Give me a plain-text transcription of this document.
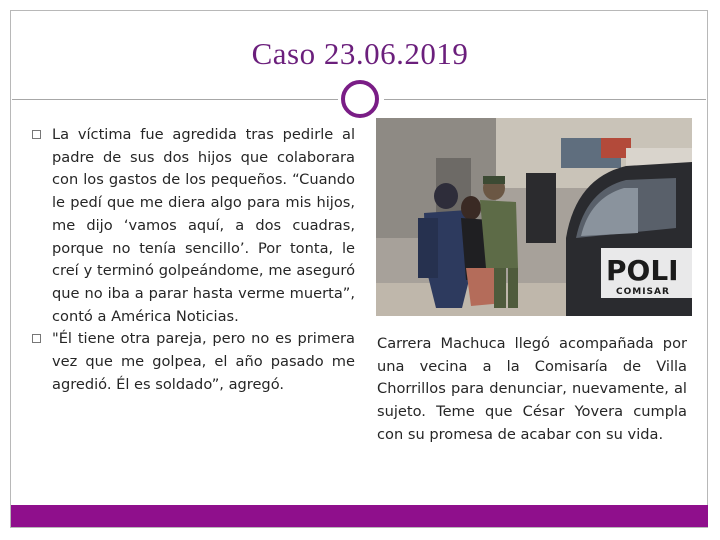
Caso 23.06.2019
La víctima fue agredida tras pedirle al padre de sus dos hijos que colaborara con los gastos de los pequeños. “Cuando le pedí que me diera algo para mis hijos, me dijo ‘vamos aquí, a dos cuadras, porque no tenía sencillo’. Por tonta, le creí y terminó golpeándome, me aseguró que no iba a parar hasta verme muerta”, contó a América Noticias.
"Él tiene otra pareja, pero no es primera vez que me golpea, el año pasado me agredió. Él es soldado”, agregó.
POLI
COMISAR
Carrera Machuca llegó acompañada por una vecina a la Comisaría de Villa Chorrillos para denunciar, nuevamente, al sujeto. Teme que César Yovera cumpla con su promesa de acabar con su vida.
